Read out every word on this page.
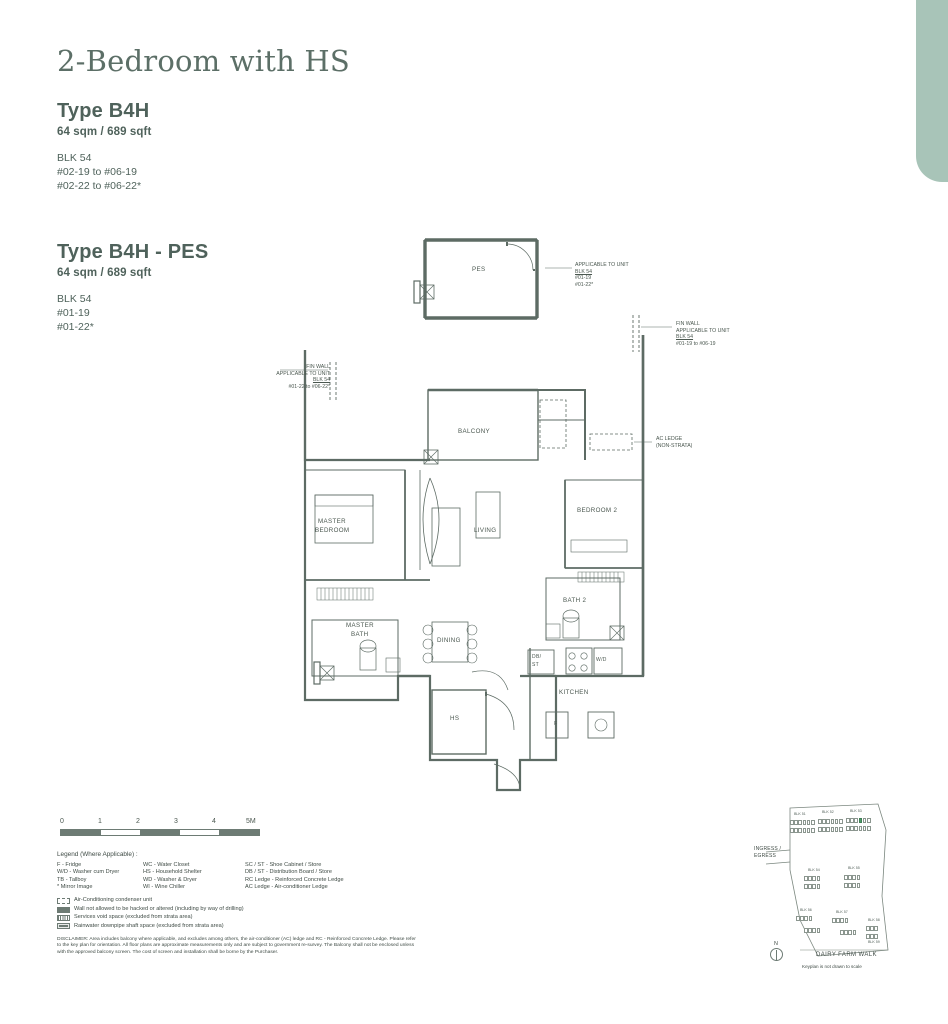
2-Bedroom with HS
Type B4H
64 sqm / 689 sqft
BLK 54
#02-19 to #06-19
#02-22 to #06-22*
Type B4H - PES
64 sqm / 689 sqft
BLK 54
#01-19
#01-22*
PES
BALCONY
LIVING
MASTER
BEDROOM
BEDROOM 2
MASTER
BATH
BATH 2
DINING
KITCHEN
HS
DB/
ST
W/D
F
APPLICABLE TO UNIT
BLK 54
#01-19
#01-22*
FIN WALL
APPLICABLE TO UNIT
BLK 54
#01-19 to #06-19
FIN WALL
APPLICABLE TO UNIT
BLK 54
#01-22 to #06-22*
AC LEDGE
(NON-STRATA)
0	1	2	3	4	5M
Legend (Where Applicable) :
F - Fridge
W/D - Washer cum Dryer
TB - Tallboy
* Mirror Image
WC - Water Closet
HS - Household Shelter
WD - Washer & Dryer
WI - Wine Chiller
SC / ST - Shoe Cabinet / Store
DB / ST - Distribution Board / Store
RC Ledge - Reinforced Concrete Ledge
AC Ledge - Air-conditioner Ledge
Air-Conditioning condenser unit
Wall not allowed to be hacked or altered (including by way of drilling)
Services void space (excluded from strata area)
Rainwater downpipe shaft space (excluded from strata area)
DISCLAIMER: Area includes balcony where applicable, and excludes among others, the air-conditioner (AC) ledge and RC - Reinforced Concrete Ledge. Please refer to the key plan for orientation. All floor plans are approximate measurements only and are subject to government re-survey. The Balcony shall not be enclosed unless with the approved balcony screen. The cost of screen and installation shall be borne by the Purchaser.
BLK 51	BLK 52	BLK 53
BLK 54	BLK 55
BLK 56	BLK 57
BLK 58
BLK 59
INGRESS /
EGRESS
DAIRY FARM WALK
Keyplan is not drawn to scale
N
